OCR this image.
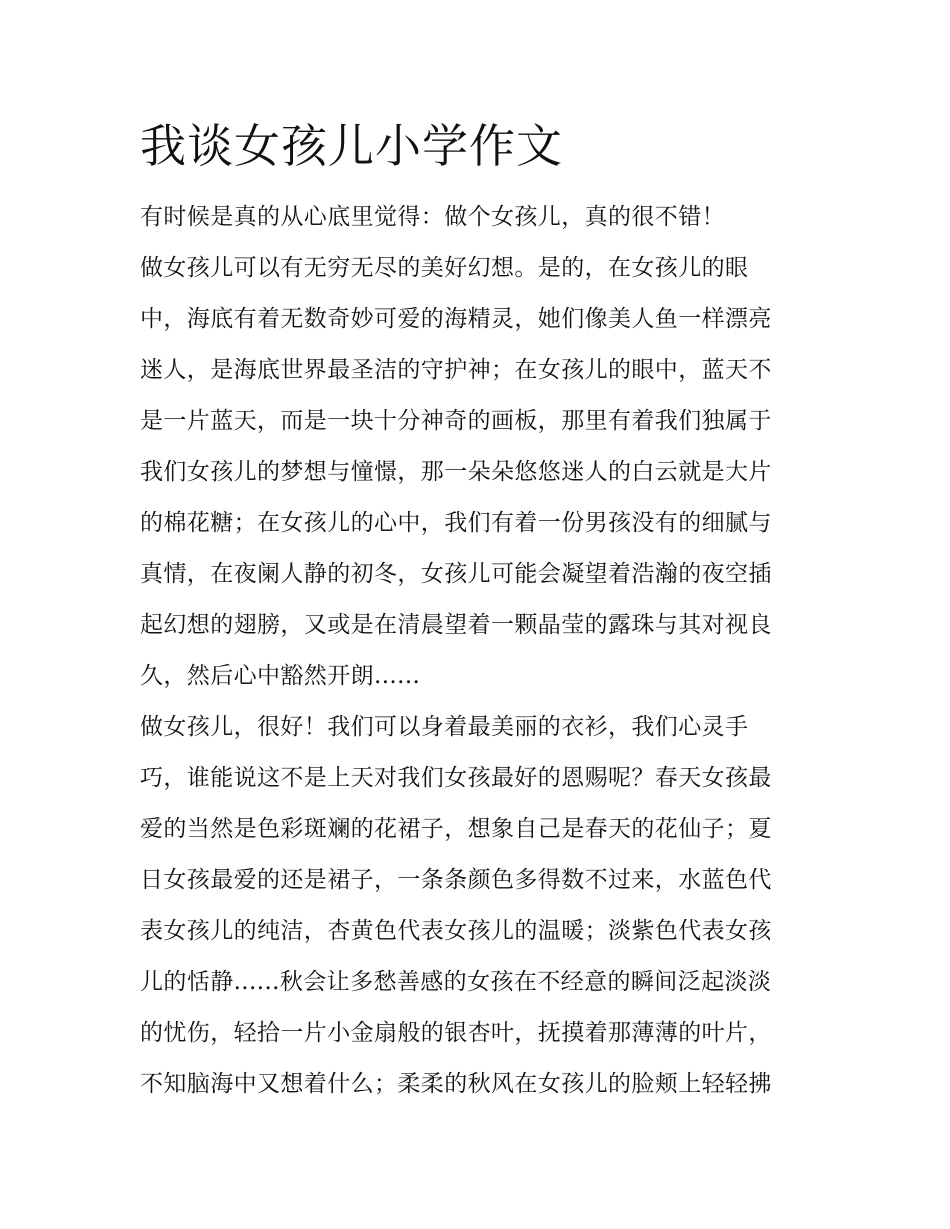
我谈女孩儿小学作文
有时候是真的从心底里觉得：做个女孩儿，真的很不错！
做女孩儿可以有无穷无尽的美好幻想。是的，在女孩儿的眼
中，海底有着无数奇妙可爱的海精灵，她们像美人鱼一样漂亮
迷人，是海底世界最圣洁的守护神；在女孩儿的眼中，蓝天不
是一片蓝天，而是一块十分神奇的画板，那里有着我们独属于
我们女孩儿的梦想与憧憬，那一朵朵悠悠迷人的白云就是大片
的棉花糖；在女孩儿的心中，我们有着一份男孩没有的细腻与
真情，在夜阑人静的初冬，女孩儿可能会凝望着浩瀚的夜空插
起幻想的翅膀，又或是在清晨望着一颗晶莹的露珠与其对视良
久，然后心中豁然开朗......
做女孩儿，很好！我们可以身着最美丽的衣衫，我们心灵手
巧，谁能说这不是上天对我们女孩最好的恩赐呢？春天女孩最
爱的当然是色彩斑斓的花裙子，想象自己是春天的花仙子；夏
日女孩最爱的还是裙子，一条条颜色多得数不过来，水蓝色代
表女孩儿的纯洁，杏黄色代表女孩儿的温暖；淡紫色代表女孩
儿的恬静......秋会让多愁善感的女孩在不经意的瞬间泛起淡淡
的忧伤，轻拾一片小金扇般的银杏叶，抚摸着那薄薄的叶片，
不知脑海中又想着什么；柔柔的秋风在女孩儿的脸颊上轻轻拂
